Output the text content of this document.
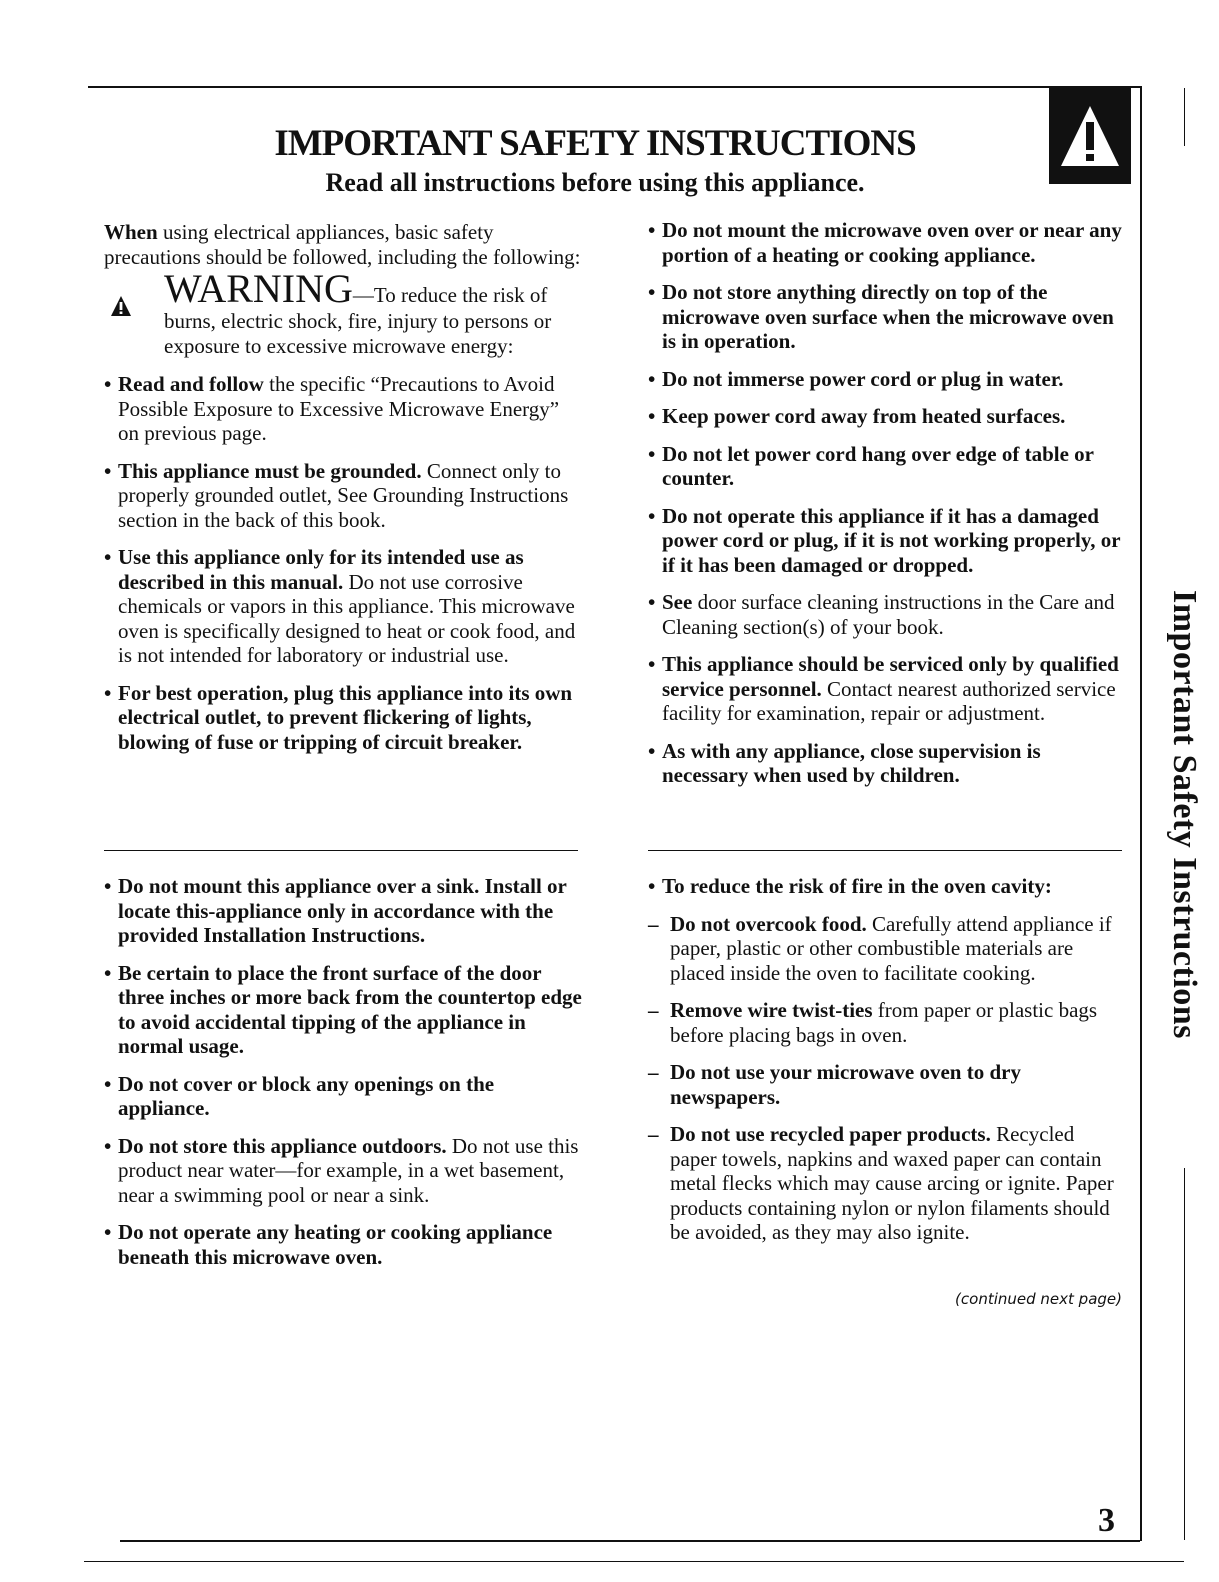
IMPORTANT SAFETY INSTRUCTIONS
Read all instructions before using this appliance.
Important Safety Instructions

When using electrical appliances, basic safety precautions should be followed, including the following:

WARNING—To reduce the risk of burns, electric shock, fire, injury to persons or exposure to excessive microwave energy:
• Read and follow the specific “Precautions to Avoid Possible Exposure to Excessive Microwave Energy” on previous page.
• This appliance must be grounded. Connect only to properly grounded outlet, See Grounding Instructions section in the back of this book.
• Use this appliance only for its intended use as described in this manual. Do not use corrosive chemicals or vapors in this appliance. This microwave oven is specifically designed to heat or cook food, and is not intended for laboratory or industrial use.
• For best operation, plug this appliance into its own electrical outlet, to prevent flickering of lights, blowing of fuse or tripping of circuit breaker.
• Do not mount this appliance over a sink. Install or locate this-appliance only in accordance with the provided Installation Instructions.
• Be certain to place the front surface of the door three inches or more back from the countertop edge to avoid accidental tipping of the appliance in normal usage.
• Do not cover or block any openings on the appliance.
• Do not store this appliance outdoors. Do not use this product near water—for example, in a wet basement, near a swimming pool or near a sink.
• Do not operate any heating or cooking appliance beneath this microwave oven.
• Do not mount the microwave oven over or near any portion of a heating or cooking appliance.
• Do not store anything directly on top of the microwave oven surface when the microwave oven is in operation.
• Do not immerse power cord or plug in water.
• Keep power cord away from heated surfaces.
• Do not let power cord hang over edge of table or counter.
• Do not operate this appliance if it has a damaged power cord or plug, if it is not working properly, or if it has been damaged or dropped.
• See door surface cleaning instructions in the Care and Cleaning section(s) of your book.
• This appliance should be serviced only by qualified service personnel. Contact nearest authorized service facility for examination, repair or adjustment.
• As with any appliance, close supervision is necessary when used by children.
• To reduce the risk of fire in the oven cavity:
– Do not overcook food. Carefully attend appliance if paper, plastic or other combustible materials are placed inside the oven to facilitate cooking.
– Remove wire twist-ties from paper or plastic bags before placing bags in oven.
– Do not use your microwave oven to dry newspapers.
– Do not use recycled paper products. Recycled paper towels, napkins and waxed paper can contain metal flecks which may cause arcing or ignite. Paper products containing nylon or nylon filaments should be avoided, as they may also ignite.
(continued next page)
3
